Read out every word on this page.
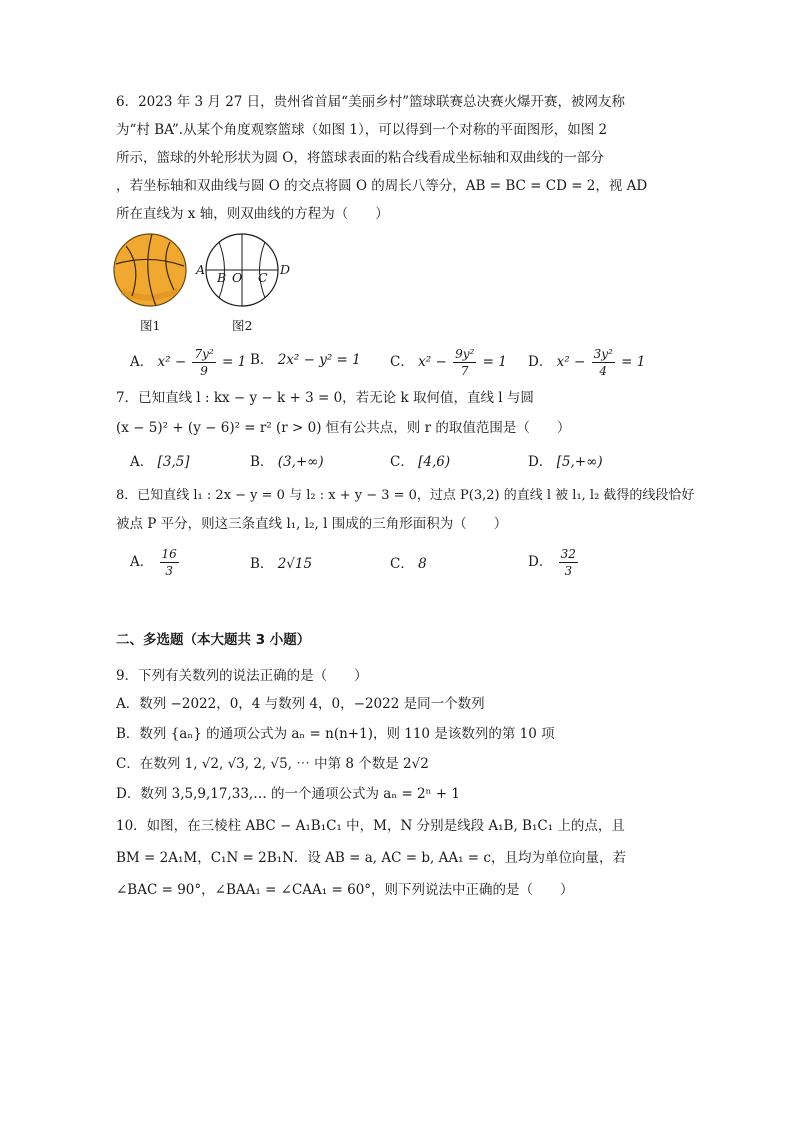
6．2023 年 3 月 27 日，贵州省首届“美丽乡村”篮球联赛总决赛火爆开赛，被网友称
为“村 BA”.从某个角度观察篮球（如图 1），可以得到一个对称的平面图形，如图 2
所示，篮球的外轮形状为圆 O，将篮球表面的粘合线看成坐标轴和双曲线的一部分
，若坐标轴和双曲线与圆 O 的交点将圆 O 的周长八等分，AB = BC = CD = 2，视 AD
所在直线为 x 轴，则双曲线的方程为（　　）
A
B O C
D
图1	图2
A． $x^2 - \frac{\text{7y²}}{9} = 1$ B． 2x² − y² = 1 C． $x^2 - \frac{\text{9y²}}{7} = 1$ D． $x^2 - \frac{\text{3y²}}{4} = 1$
7．已知直线 l : kx − y − k + 3 = 0，若无论 k 取何值，直线 l 与圆
(x − 5)² + (y − 6)² = r² (r > 0) 恒有公共点，则 r 的取值范围是（　　）
A． [3,5]	B． (3,+∞)	C． [4,6)	D． [5,+∞)
8．已知直线 l₁ : 2x − y = 0 与 l₂ : x + y − 3 = 0，过点 P(3,2) 的直线 l 被 l₁, l₂ 截得的线段恰好
被点 P 平分，则这三条直线 l₁, l₂, l 围成的三角形面积为（　　）
A． $\frac{16}{3}$	B． 2√15	C． 8	D． $\frac{32}{3}$
二、多选题（本大题共 3 小题）
9．下列有关数列的说法正确的是（　　）
A．数列 −2022，0，4 与数列 4，0，−2022 是同一个数列
B．数列 {aₙ} 的通项公式为 aₙ = n(n+1)，则 110 是该数列的第 10 项
C．在数列 1, √2, √3, 2, √5, ⋯ 中第 8 个数是 2√2
D．数列 3,5,9,17,33,… 的一个通项公式为 aₙ = 2ⁿ + 1
10．如图，在三棱柱 ABC − A₁B₁C₁ 中，M，N 分别是线段 A₁B, B₁C₁ 上的点，且
BM = 2A₁M，C₁N = 2B₁N．设 AB = a, AC = b, AA₁ = c，且均为单位向量，若
∠BAC = 90°，∠BAA₁ = ∠CAA₁ = 60°，则下列说法中正确的是（　　）
